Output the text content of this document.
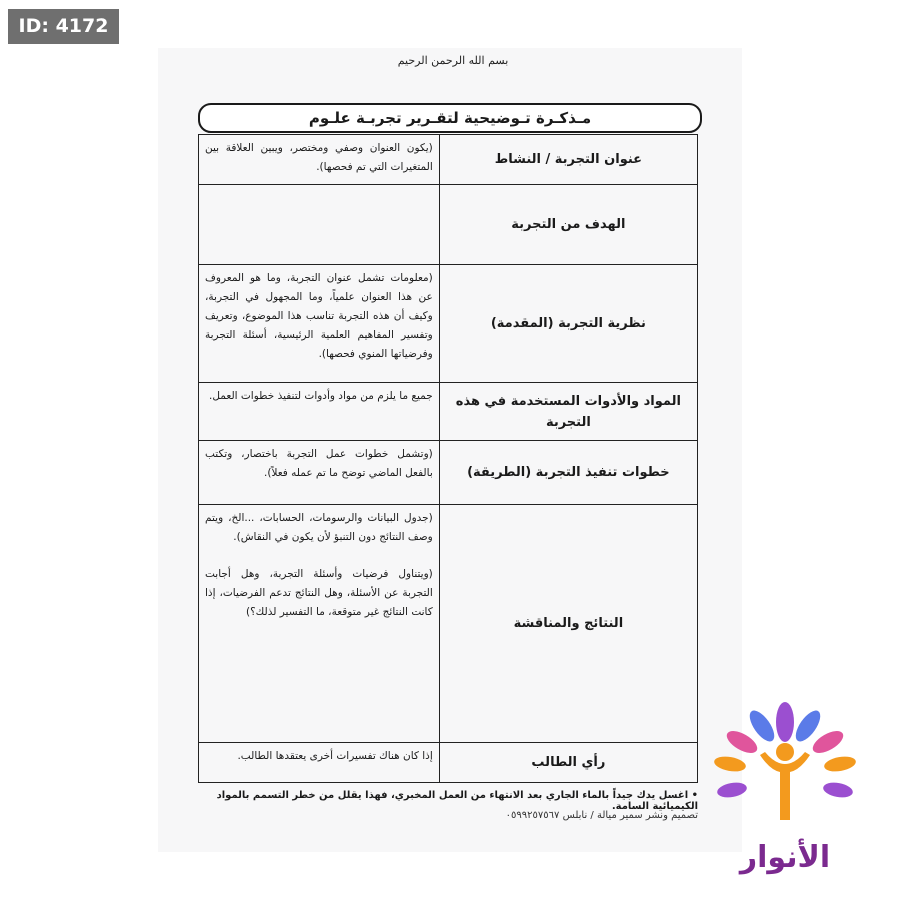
ID: 4172
بسم الله الرحمن الرحيم
مـذكـرة تـوضيحية لتقـرير تجربـة علـوم
عنوان التجربة / النشاط	(يكون العنوان وصفي ومختصر، ويبين العلاقة بين المتغيرات التي تم فحصها).

الهدف من التجربة	
نظرية التجربة (المقدمة)	(معلومات تشمل عنوان التجربة، وما هو المعروف عن هذا العنوان علمياً، وما المجهول في التجربة، وكيف أن هذه التجربة تناسب هذا الموضوع، وتعريف وتفسير المفاهيم العلمية الرئيسية، أسئلة التجربة وفرضياتها المنوي فحصها).

المواد والأدوات المستخدمة في هذه التجربة	جميع ما يلزم من مواد وأدوات لتنفيذ خطوات العمل.

خطوات تنفيذ التجربة (الطريقة)	(وتشمل خطوات عمل التجربة باختصار، وتكتب بالفعل الماضي توضح ما تم عمله فعلاً).

النتائج والمناقشة	(جدول البيانات والرسومات، الحسابات، ...الخ، ويتم وصف النتائج دون التنبؤ لأن يكون في النقاش).
(ويتناول فرضيات وأسئلة التجربة، وهل أجابت التجربة عن الأسئلة، وهل النتائج تدعم الفرضيات، إذا كانت النتائج غير متوقعة، ما التفسير لذلك؟)

رأي الطالب	إذا كان هناك تفسيرات أخرى يعتقدها الطالب.
• اغسل يدك جيداً بالماء الجاري بعد الانتهاء من العمل المخبري، فهذا يقلل من خطر التسمم بالمواد الكيميائية السامة.
تصميم ونشر سمير ميالة / نابلس ٠٥٩٩٢٥٧٥٦٧
الأنوار
